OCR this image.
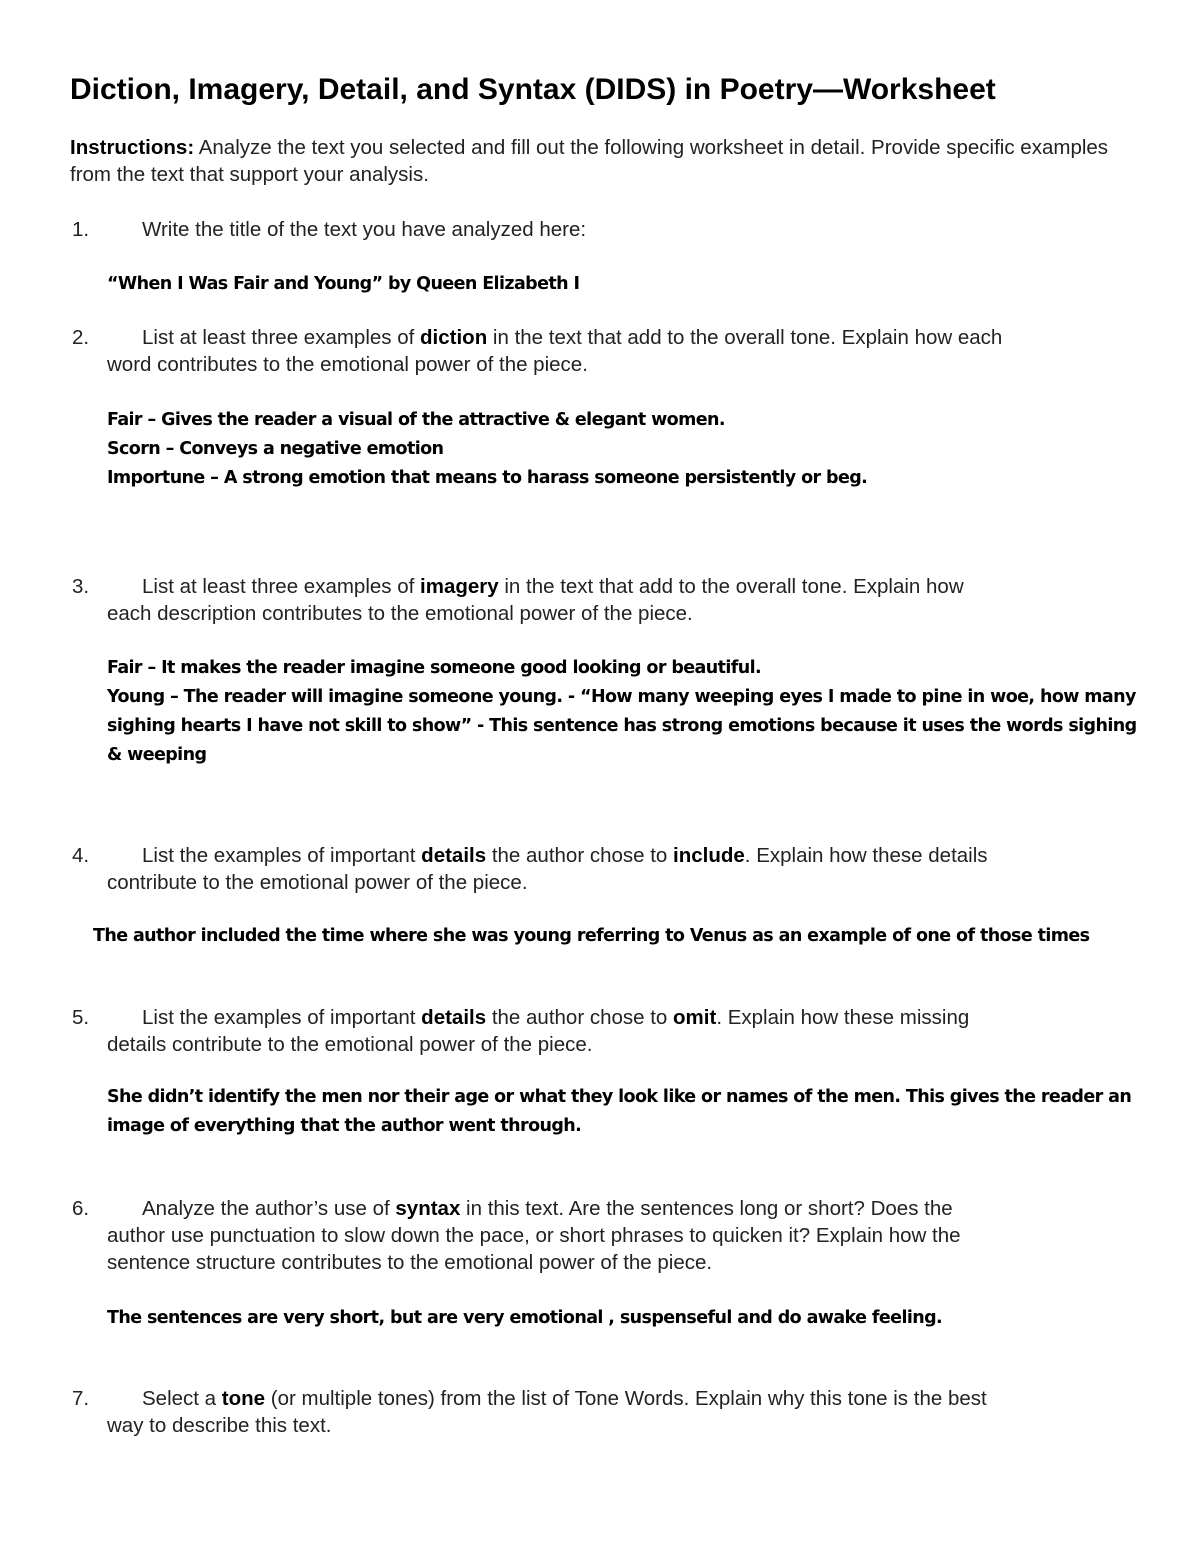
Diction, Imagery, Detail, and Syntax (DIDS) in Poetry—Worksheet
Instructions: Analyze the text you selected and fill out the following worksheet in detail. Provide specific examples from the text that support your analysis.
1.	Write the title of the text you have analyzed here:
“When I Was Fair and Young” by Queen Elizabeth I
2.	List at least three examples of diction in the text that add to the overall tone. Explain how each
word contributes to the emotional power of the piece.
Fair – Gives the reader a visual of the attractive & elegant women.
Scorn – Conveys a negative emotion
Importune – A strong emotion that means to harass someone persistently or beg.
3.	List at least three examples of imagery in the text that add to the overall tone. Explain how
each description contributes to the emotional power of the piece.
Fair – It makes the reader imagine someone good looking or beautiful.
Young – The reader will imagine someone young. - “How many weeping eyes I made to pine in woe, how many sighing hearts I have not skill to show” - This sentence has strong emotions because it uses the words sighing & weeping
4.	List the examples of important details the author chose to include. Explain how these details
contribute to the emotional power of the piece.
The author included the time where she was young referring to Venus as an example of one of those times
5.	List the examples of important details the author chose to omit. Explain how these missing
details contribute to the emotional power of the piece.
She didn’t identify the men nor their age or what they look like or names of the men. This gives the reader an image of everything that the author went through.
6.	Analyze the author’s use of syntax in this text. Are the sentences long or short? Does the
author use punctuation to slow down the pace, or short phrases to quicken it? Explain how the
sentence structure contributes to the emotional power of the piece.
The sentences are very short, but are very emotional , suspenseful and do awake feeling.
7.	Select a tone (or multiple tones) from the list of Tone Words. Explain why this tone is the best
way to describe this text.
